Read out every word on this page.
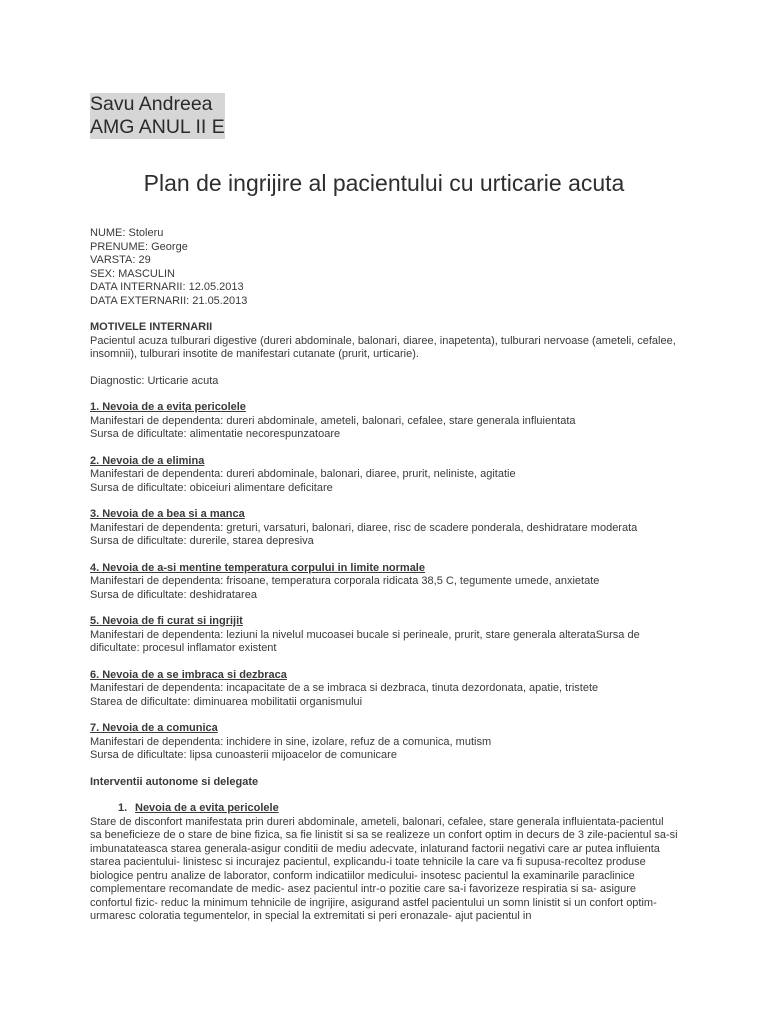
Savu Andreea

AMG ANUL II E

Plan de ingrijire al pacientului cu urticarie acuta

NUME: Stoleru

PRENUME: George

VARSTA: 29

SEX: MASCULIN

DATA INTERNARII: 12.05.2013

DATA EXTERNARII: 21.05.2013

MOTIVELE INTERNARII

Pacientul acuza tulburari digestive (dureri abdominale, balonari, diaree, inapetenta), tulburari nervoase (ameteli, cefalee, insomnii), tulburari insotite de manifestari cutanate (prurit, urticarie).

Diagnostic: Urticarie acuta

1. Nevoia de a evita pericolele

Manifestari de dependenta: dureri abdominale, ameteli, balonari, cefalee, stare generala influientata

Sursa de dificultate: alimentatie necorespunzatoare

2. Nevoia de a elimina

Manifestari de dependenta: dureri abdominale, balonari, diaree, prurit, neliniste, agitatie

Sursa de dificultate: obiceiuri alimentare deficitare

3. Nevoia de a bea si a manca

Manifestari de dependenta: greturi, varsaturi, balonari, diaree, risc de scadere ponderala, deshidratare moderata

Sursa de dificultate: durerile, starea depresiva

4. Nevoia de a-si mentine temperatura corpului in limite normale

Manifestari de dependenta: frisoane, temperatura corporala ridicata 38,5 C, tegumente umede, anxietate

Sursa de dificultate: deshidratarea

5. Nevoia de fi curat si ingrijit

Manifestari de dependenta: leziuni la nivelul mucoasei bucale si perineale, prurit, stare generala alterataSursa de dificultate: procesul inflamator existent

6. Nevoia de a se imbraca si dezbraca

Manifestari de dependenta: incapacitate de a se imbraca si dezbraca, tinuta dezordonata, apatie, tristete

Starea de dificultate: diminuarea mobilitatii organismului

7. Nevoia de a comunica

Manifestari de dependenta: inchidere in sine, izolare, refuz de a comunica, mutism

Sursa de dificultate: lipsa cunoasterii mijoacelor de comunicare

Interventii autonome si delegate

1. Nevoia de a evita pericolele

Stare de disconfort manifestata prin dureri abdominale, ameteli, balonari, cefalee, stare generala influientata-pacientul sa beneficieze de o stare de bine fizica, sa fie linistit si sa se realizeze un confort optim in decurs de 3 zile-pacientul sa-si imbunatateasca starea generala-asigur conditii de mediu adecvate, inlaturand factorii negativi care ar putea influienta starea pacientului- linistesc si incurajez pacientul, explicandu-i toate tehnicile la care va fi supusa-recoltez produse biologice pentru analize de laborator, conform indicatiilor medicului- insotesc pacientul la examinarile paraclinice complementare recomandate de medic- asez pacientul intr-o pozitie care sa-i favorizeze respiratia si sa- asigure confortul fizic- reduc la minimum tehnicile de ingrijire, asigurand astfel pacientului un somn linistit si un confort optim-urmaresc coloratia tegumentelor, in special la extremitati si peri eronazale- ajut pacientul in
